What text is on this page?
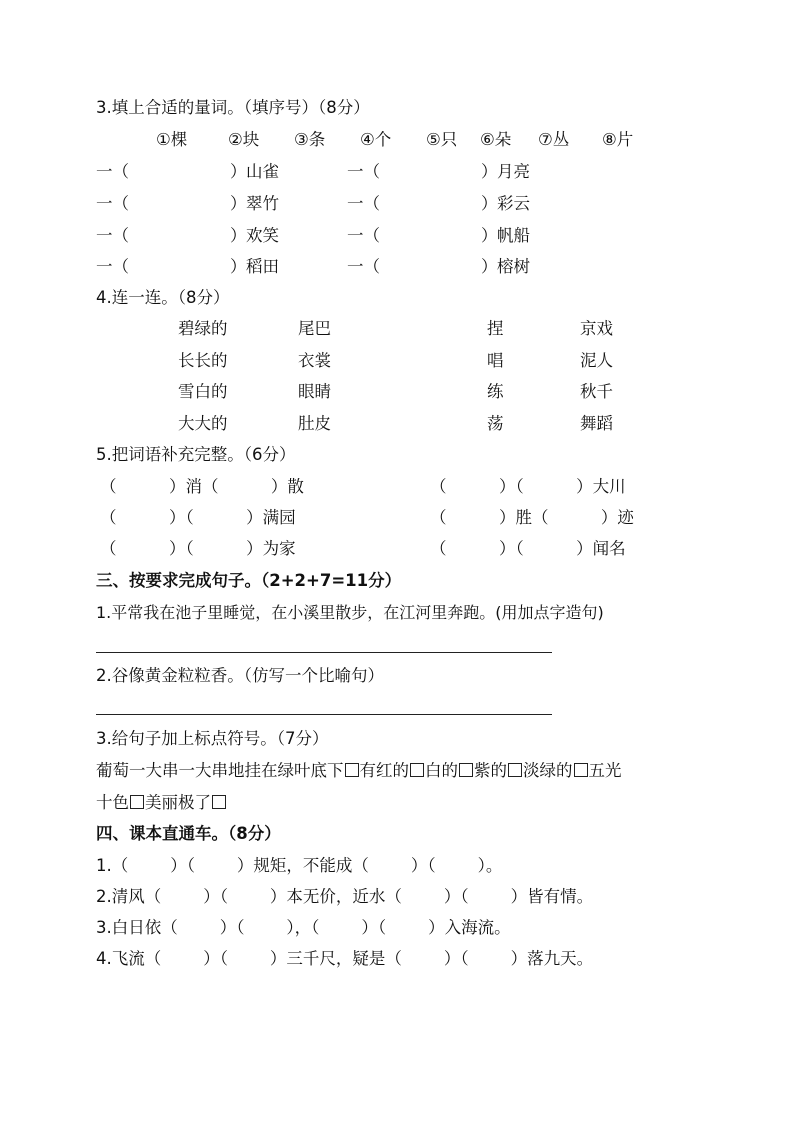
3.填上合适的量词。（填序号）（8分）
①棵 ②块 ③条 ④个 ⑤只 ⑥朵 ⑦丛 ⑧片
一（	） 山雀	一（	） 月亮
一（	） 翠竹	一（	） 彩云
一（	） 欢笑	一（	） 帆船
一（	） 稻田	一（	） 榕树
4.连一连。（8分）
碧绿的	尾巴	捏	京戏
长长的	衣裳	唱	泥人
雪白的	眼睛	练	秋千
大大的	肚皮	荡	舞蹈
5.把词语补充完整。（6分）
（          ）消（          ）散	（          ）（          ）大川
（          ）（          ）满园	（          ）胜（          ）迹
（          ）（          ）为家	（          ）（          ）闻名
三、按要求完成句子。（2+2+7=11分）
1.平常我在池子里睡觉，在小溪里散步，在江河里奔跑。(用加点字造句)
2.谷像黄金粒粒香。（仿写一个比喻句）
3.给句子加上标点符号。（7分）
葡萄一大串一大串地挂在绿叶底下 有红的 白的 紫的 淡绿的 五光
十色 美丽极了
四、课本直通车。（8分）
1.（        ）（        ）规矩，不能成（        ）（        ）。
2.清风（        ）（        ）本无价，近水（        ）（        ）皆有情。
3.白日依（        ）（        ），（        ）（        ）入海流。
4.飞流（        ）（        ）三千尺，疑是（        ）（        ）落九天。
